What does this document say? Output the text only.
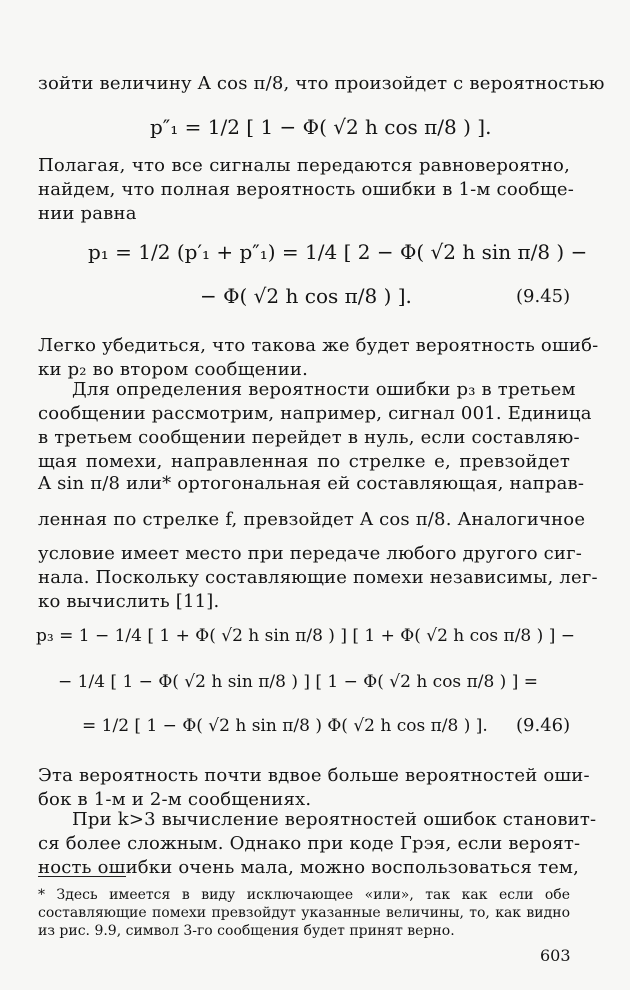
зойти величину A cos π/8, что произойдет с вероятностью
p″₁ = 1/2 [ 1 − Φ( √2 h cos π/8 ) ].
Полагая, что все сигналы передаются равновероятно,
найдем, что полная вероятность ошибки в 1-м сообще-
нии равна
p₁ = 1/2 (p′₁ + p″₁) = 1/4 [ 2 − Φ( √2 h sin π/8 ) −
− Φ( √2 h cos π/8 ) ].	(9.45)
Легко убедиться, что такова же будет вероятность ошиб-
ки p₂ во втором сообщении.
Для определения вероятности ошибки p₃ в третьем
сообщении рассмотрим, например, сигнал 001. Единица
в третьем сообщении перейдет в нуль, если составляю-
щая помехи, направленная по стрелке e, превзойдет
A sin π/8 или* ортогональная ей составляющая, направ-
ленная по стрелке f, превзойдет A cos π/8. Аналогичное
условие имеет место при передаче любого другого сиг-
нала. Поскольку составляющие помехи независимы, лег-
ко вычислить [11].
p₃ = 1 − 1/4 [ 1 + Φ( √2 h sin π/8 ) ] [ 1 + Φ( √2 h cos π/8 ) ] −
− 1/4 [ 1 − Φ( √2 h sin π/8 ) ] [ 1 − Φ( √2 h cos π/8 ) ] =
= 1/2 [ 1 − Φ( √2 h sin π/8 ) Φ( √2 h cos π/8 ) ]. (9.46)
Эта вероятность почти вдвое больше вероятностей оши-
бок в 1-м и 2-м сообщениях.
При k>3 вычисление вероятностей ошибок становит-
ся более сложным. Однако при коде Грэя, если вероят-
ность ошибки очень мала, можно воспользоваться тем,
* Здесь имеется в виду исключающее «или», так как если обе
составляющие помехи превзойдут указанные величины, то, как видно
из рис. 9.9, символ 3-го сообщения будет принят верно.
603
